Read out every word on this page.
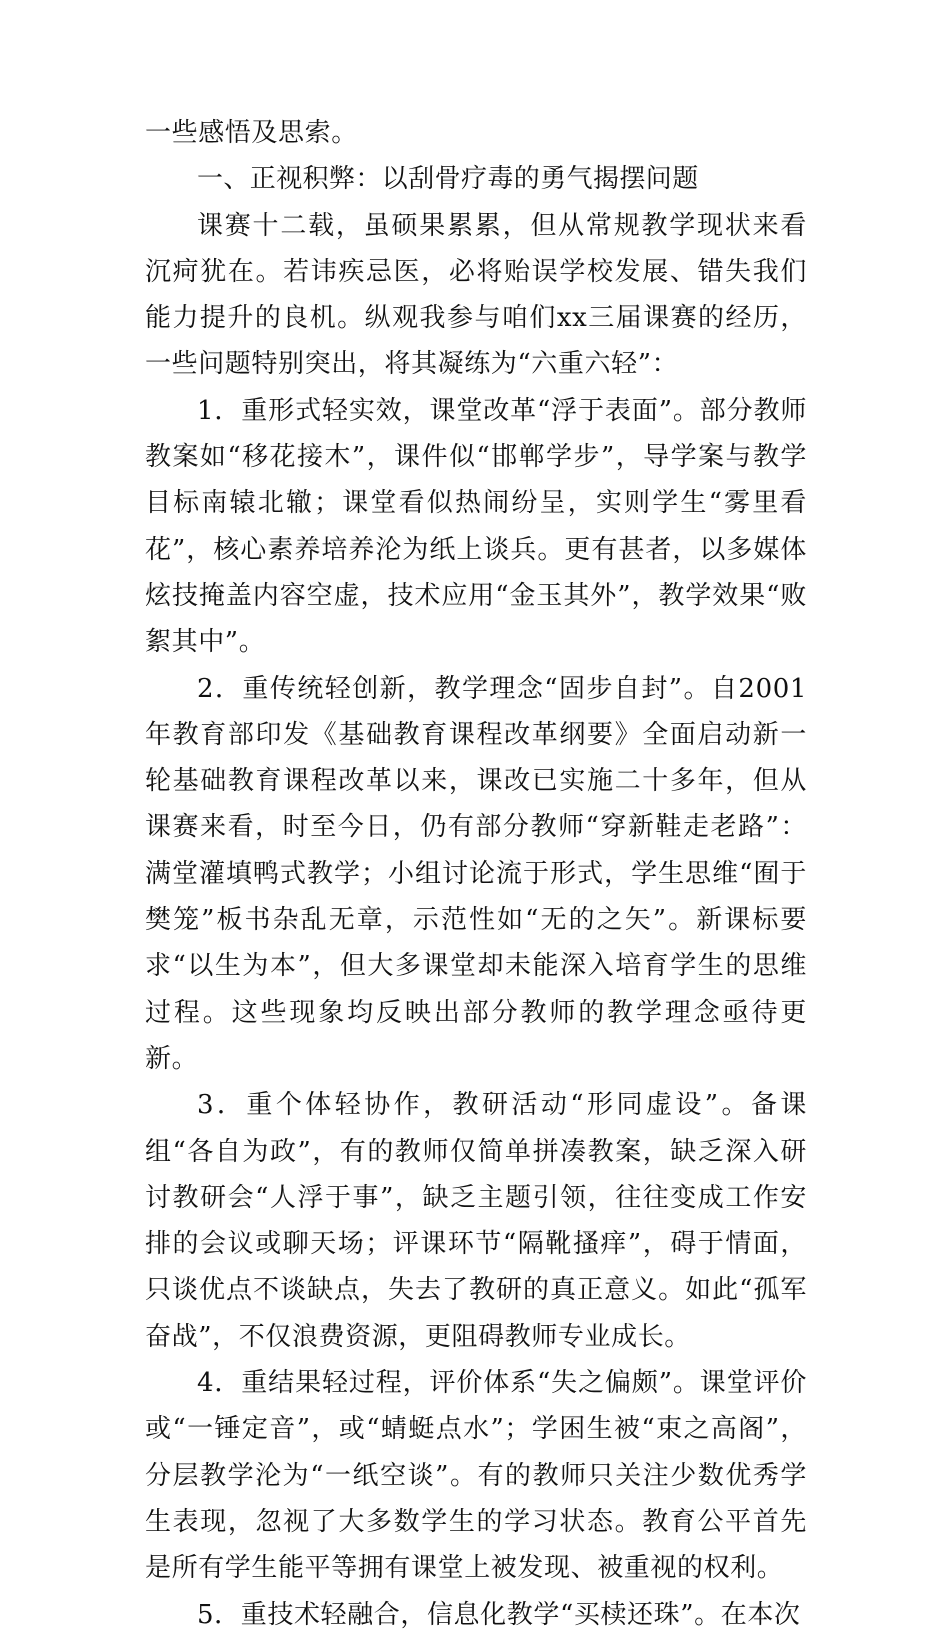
一些感悟及思索。

一、正视积弊：以刮骨疗毒的勇气揭摆问题

课赛十二载，虽硕果累累，但从常规教学现状来看沉疴犹在。若讳疾忌医，必将贻误学校发展、错失我们能力提升的良机。纵观我参与咱们xx三届课赛的经历，一些问题特别突出，将其凝练为“六重六轻”：

1．重形式轻实效，课堂改革“浮于表面”。部分教师教案如“移花接木”，课件似“邯郸学步”，导学案与教学目标南辕北辙；课堂看似热闹纷呈，实则学生“雾里看花”，核心素养培养沦为纸上谈兵。更有甚者，以多媒体炫技掩盖内容空虚，技术应用“金玉其外”，教学效果“败絮其中”。

2．重传统轻创新，教学理念“固步自封”。自2001年教育部印发《基础教育课程改革纲要》全面启动新一轮基础教育课程改革以来，课改已实施二十多年，但从课赛来看，时至今日，仍有部分教师“穿新鞋走老路”：满堂灌填鸭式教学；小组讨论流于形式，学生思维“囿于樊笼”板书杂乱无章，示范性如“无的之矢”。新课标要求“以生为本”，但大多课堂却未能深入培育学生的思维过程。这些现象均反映出部分教师的教学理念亟待更新。

3．重个体轻协作，教研活动“形同虚设”。备课组“各自为政”，有的教师仅简单拼凑教案，缺乏深入研讨教研会“人浮于事”，缺乏主题引领，往往变成工作安排的会议或聊天场；评课环节“隔靴搔痒”，碍于情面，只谈优点不谈缺点，失去了教研的真正意义。如此“孤军奋战”，不仅浪费资源，更阻碍教师专业成长。

4．重结果轻过程，评价体系“失之偏颇”。课堂评价或“一锤定音”，或“蜻蜓点水”；学困生被“束之高阁”，分层教学沦为“一纸空谈”。有的教师只关注少数优秀学生表现，忽视了大多数学生的学习状态。教育公平首先是所有学生能平等拥有课堂上被发现、被重视的权利。

5．重技术轻融合，信息化教学“买椟还珠”。在本次
